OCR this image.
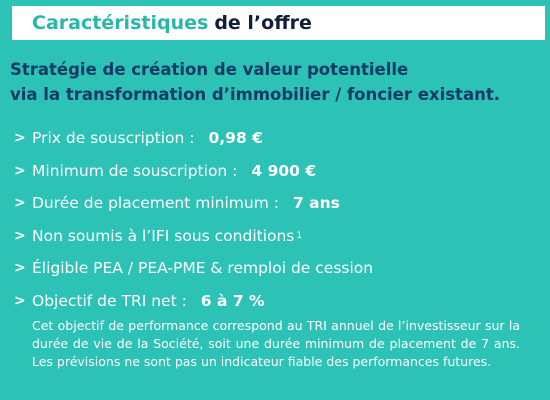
Caractéristiques de l’offre
Stratégie de création de valeur potentielle
via la transformation d’immobilier / foncier existant.
> Prix de souscription : 0,98 €
> Minimum de souscription : 4 900 €
> Durée de placement minimum : 7 ans
> Non soumis à l’IFI sous conditions 1
> Éligible PEA / PEA-PME & remploi de cession
> Objectif de TRI net : 6 à 7 %
Cet objectif de performance correspond au TRI annuel de l’investisseur sur la durée de vie de la Société, soit une durée minimum de placement de 7 ans. Les prévisions ne sont pas un indicateur fiable des performances futures.
